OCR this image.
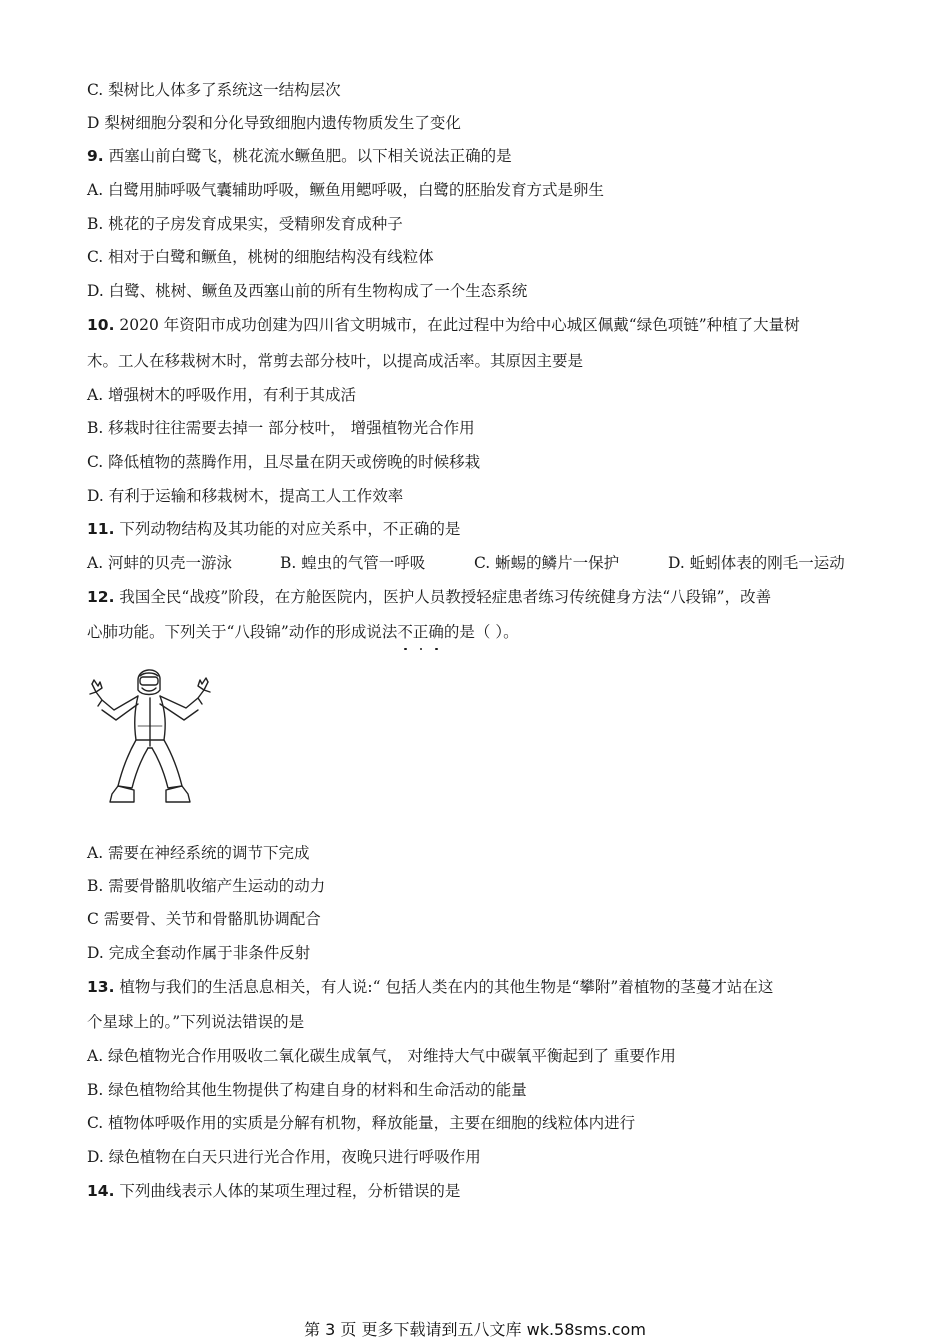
C. 梨树比人体多了系统这一结构层次
D 梨树细胞分裂和分化导致细胞内遗传物质发生了变化
9. 西塞山前白鹭飞，桃花流水鳜鱼肥。以下相关说法正确的是
A. 白鹭用肺呼吸气囊辅助呼吸，鳜鱼用鳃呼吸，白鹭的胚胎发育方式是卵生
B. 桃花的子房发育成果实，受精卵发育成种子
C. 相对于白鹭和鳜鱼，桃树的细胞结构没有线粒体
D. 白鹭、桃树、鳜鱼及西塞山前的所有生物构成了一个生态系统
10. 2020 年资阳市成功创建为四川省文明城市，在此过程中为给中心城区佩戴“绿色项链”种植了大量树
木。工人在移栽树木时，常剪去部分枝叶，以提高成活率。其原因主要是
A. 增强树木的呼吸作用，有利于其成活
B. 移栽时往往需要去掉一 部分枝叶， 增强植物光合作用
C. 降低植物的蒸腾作用，且尽量在阴天或傍晚的时候移栽
D. 有利于运输和移栽树木，提高工人工作效率
11. 下列动物结构及其功能的对应关系中，不正确的是
A. 河蚌的贝壳一游泳	B. 蝗虫的气管一呼吸	C. 蜥蜴的鳞片一保护	D. 蚯蚓体表的刚毛一运动
12. 我国全民“战疫”阶段，在方舱医院内，医护人员教授轻症患者练习传统健身方法“八段锦”，改善
心肺功能。下列关于“八段锦”动作的形成说法不正确的是（ ）。
A. 需要在神经系统的调节下完成
B. 需要骨骼肌收缩产生运动的动力
C 需要骨、关节和骨骼肌协调配合
D. 完成全套动作属于非条件反射
13. 植物与我们的生活息息相关，有人说:“ 包括人类在内的其他生物是“攀附”着植物的茎蔓才站在这
个星球上的。”下列说法错误的是
A. 绿色植物光合作用吸收二氧化碳生成氧气， 对维持大气中碳氧平衡起到了 重要作用
B. 绿色植物给其他生物提供了构建自身的材料和生命活动的能量
C. 植物体呼吸作用的实质是分解有机物，释放能量，主要在细胞的线粒体内进行
D. 绿色植物在白天只进行光合作用，夜晚只进行呼吸作用
14. 下列曲线表示人体的某项生理过程，分析错误的是
第 3 页 更多下载请到五八文库 wk.58sms.com
